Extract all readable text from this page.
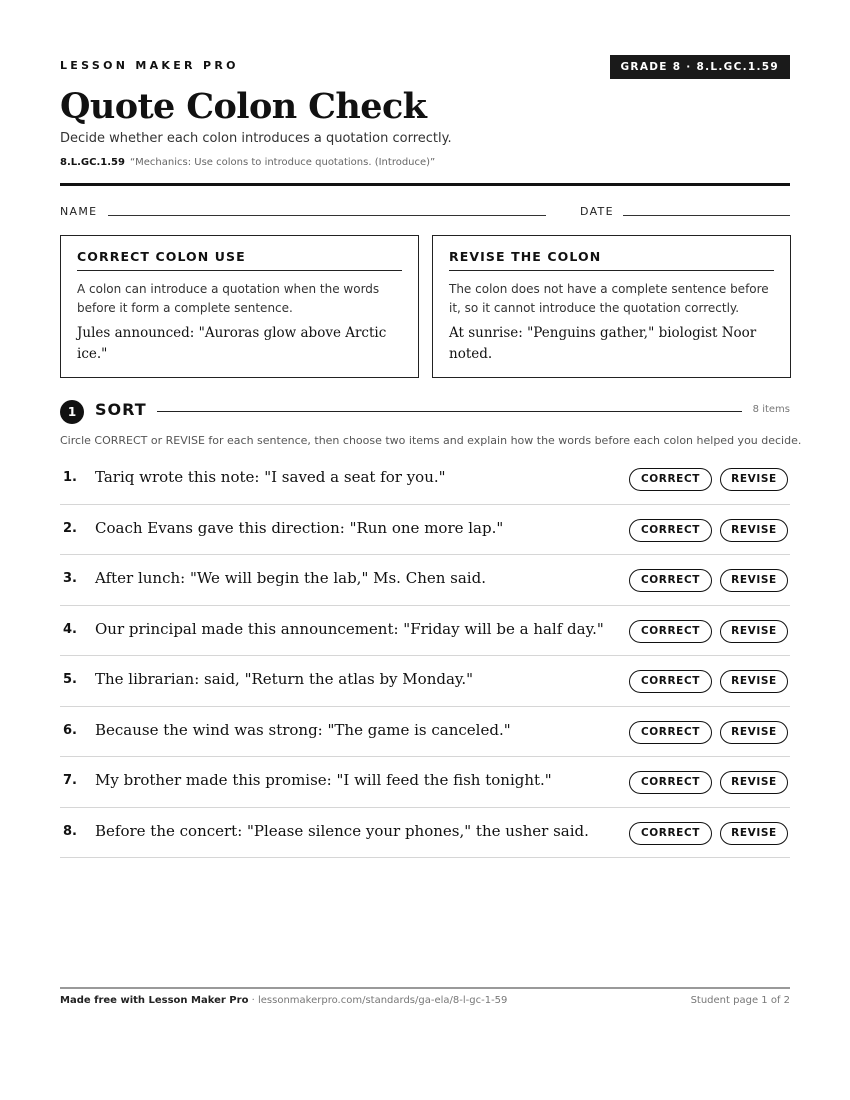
LESSON MAKER PRO	GRADE 8 · 8.L.GC.1.59
Quote Colon Check
Decide whether each colon introduces a quotation correctly.
8.L.GC.1.59 “Mechanics: Use colons to introduce quotations. (Introduce)”
NAME	DATE
CORRECT COLON USE
A colon can introduce a quotation when the words before it form a complete sentence.
Jules announced: "Auroras glow above Arctic ice."
REVISE THE COLON
The colon does not have a complete sentence before it, so it cannot introduce the quotation correctly.
At sunrise: "Penguins gather," biologist Noor noted.
1	SORT	8 items
Circle CORRECT or REVISE for each sentence, then choose two items and explain how the words before each colon helped you decide.
1. Tariq wrote this note: "I saved a seat for you."	CORRECT	REVISE
2. Coach Evans gave this direction: "Run one more lap."	CORRECT	REVISE
3. After lunch: "We will begin the lab," Ms. Chen said.	CORRECT	REVISE
4. Our principal made this announcement: "Friday will be a half day."	CORRECT	REVISE
5. The librarian: said, "Return the atlas by Monday."	CORRECT	REVISE
6. Because the wind was strong: "The game is canceled."	CORRECT	REVISE
7. My brother made this promise: "I will feed the fish tonight."	CORRECT	REVISE
8. Before the concert: "Please silence your phones," the usher said.	CORRECT	REVISE
Made free with Lesson Maker Pro · lessonmakerpro.com/standards/ga-ela/8-l-gc-1-59	Student page 1 of 2
